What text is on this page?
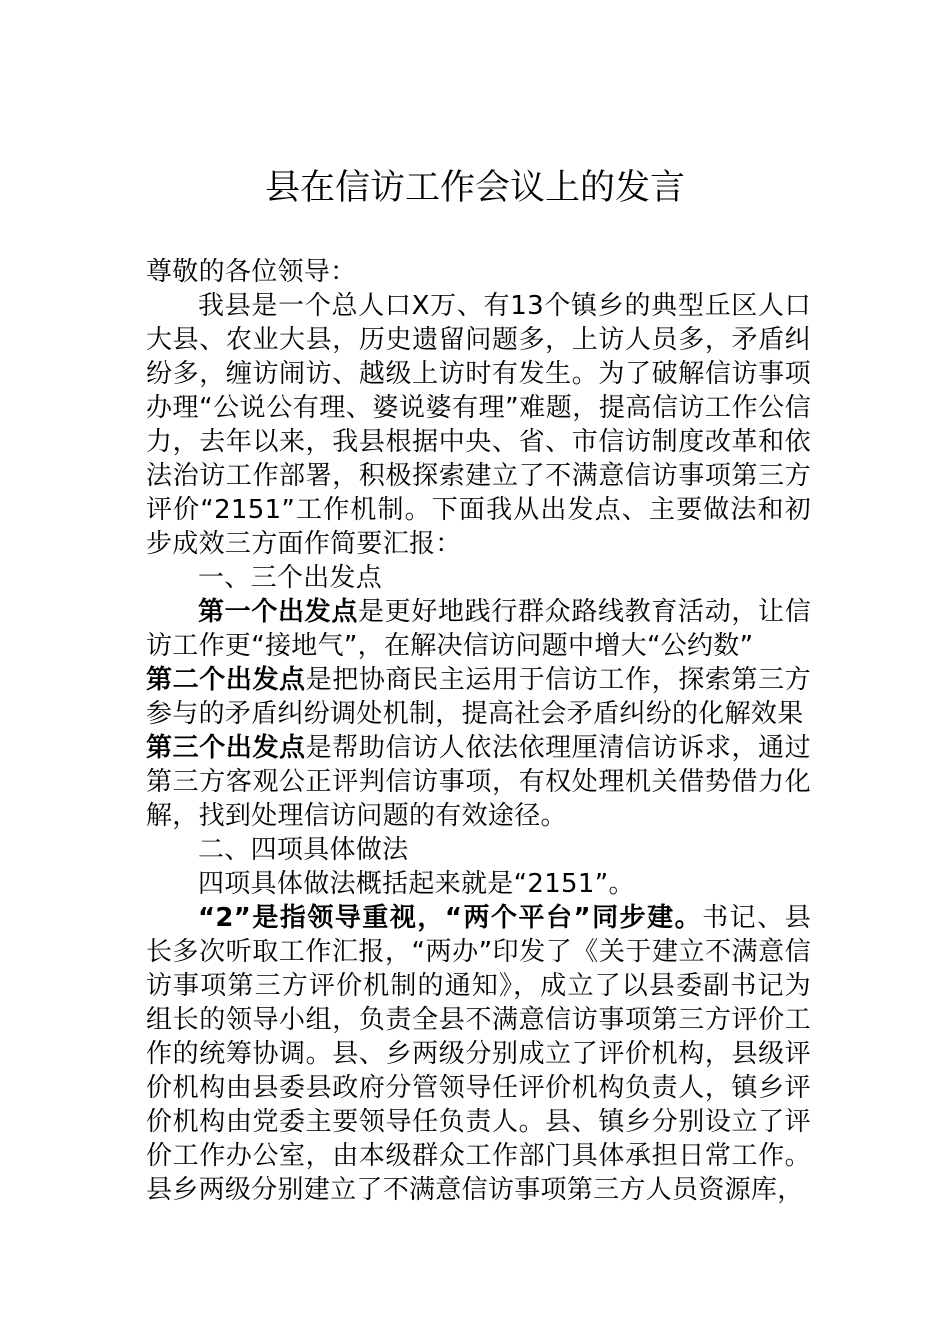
县在信访工作会议上的发言

尊敬的各位领导：

我县是一个总人口X万、有13个镇乡的典型丘区人口大县、农业大县，历史遗留问题多，上访人员多，矛盾纠纷多，缠访闹访、越级上访时有发生。为了破解信访事项办理“公说公有理、婆说婆有理”难题，提高信访工作公信力，去年以来，我县根据中央、省、市信访制度改革和依法治访工作部署，积极探索建立了不满意信访事项第三方评价“2151”工作机制。下面我从出发点、主要做法和初步成效三方面作简要汇报：

一、三个出发点

第一个出发点是更好地践行群众路线教育活动，让信访工作更“接地气”，在解决信访问题中增大“公约数”

第二个出发点是把协商民主运用于信访工作，探索第三方参与的矛盾纠纷调处机制，提高社会矛盾纠纷的化解效果

第三个出发点是帮助信访人依法依理厘清信访诉求，通过第三方客观公正评判信访事项，有权处理机关借势借力化解，找到处理信访问题的有效途径。

二、四项具体做法

四项具体做法概括起来就是“2151”。

“2”是指领导重视，“两个平台”同步建。书记、县长多次听取工作汇报，“两办”印发了《关于建立不满意信访事项第三方评价机制的通知》，成立了以县委副书记为组长的领导小组，负责全县不满意信访事项第三方评价工作的统筹协调。县、乡两级分别成立了评价机构，县级评价机构由县委县政府分管领导任评价机构负责人，镇乡评价机构由党委主要领导任负责人。县、镇乡分别设立了评价工作办公室，由本级群众工作部门具体承担日常工作。县乡两级分别建立了不满意信访事项第三方人员资源库，
